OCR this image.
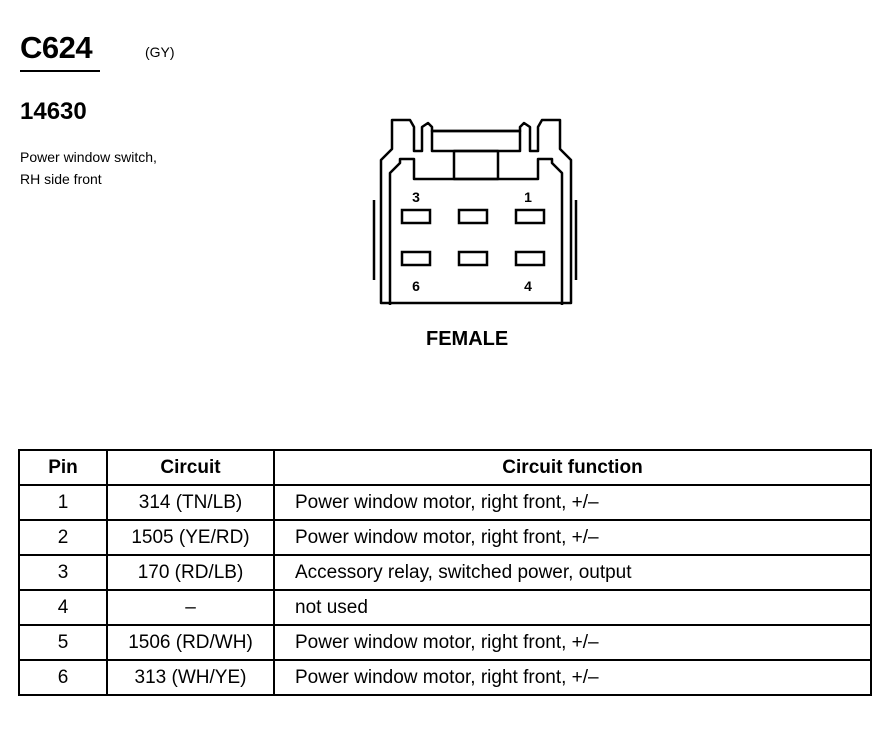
C624	(GY)
14630
Power window switch, RH side front
3	1
6	4
FEMALE
Pin	Circuit	Circuit function
1	314 (TN/LB)	Power window motor, right front, +/–
2	1505 (YE/RD)	Power window motor, right front, +/–
3	170 (RD/LB)	Accessory relay, switched power, output
4	–	not used
5	1506 (RD/WH)	Power window motor, right front, +/–
6	313 (WH/YE)	Power window motor, right front, +/–
